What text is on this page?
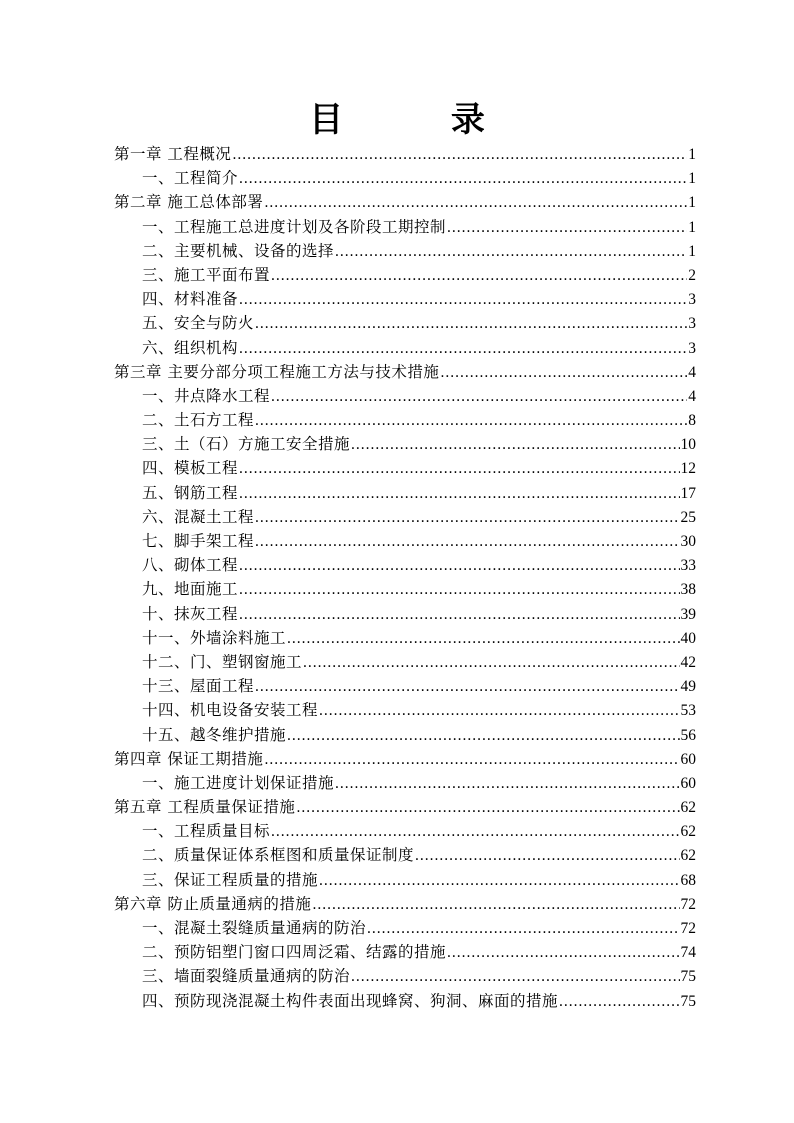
目 录
第一章 工程概况 .....	1
一、工程简介 .....	1
第二章 施工总体部署 .....	1
一、工程施工总进度计划及各阶段工期控制 .....	1
二、主要机械、设备的选择 .....	1
三、施工平面布置 .....	2
四、材料准备 .....	3
五、安全与防火 .....	3
六、组织机构 .....	3
第三章 主要分部分项工程施工方法与技术措施 .....	4
一、井点降水工程 .....	4
二、土石方工程 .....	8
三、土（石）方施工安全措施 .....	10
四、模板工程 .....	12
五、钢筋工程 .....	17
六、混凝土工程 .....	25
七、脚手架工程 .....	30
八、砌体工程 .....	33
九、地面施工 .....	38
十、抹灰工程 .....	39
十一、外墙涂料施工 .....	40
十二、门、塑钢窗施工 .....	42
十三、屋面工程 .....	49
十四、机电设备安装工程 .....	53
十五、越冬维护措施 .....	56
第四章 保证工期措施 .....	60
一、施工进度计划保证措施 .....	60
第五章 工程质量保证措施 .....	62
一、工程质量目标 .....	62
二、质量保证体系框图和质量保证制度 .....	62
三、保证工程质量的措施 .....	68
第六章 防止质量通病的措施 .....	72
一、混凝土裂缝质量通病的防治 .....	72
二、预防铝塑门窗口四周泛霜、结露的措施 .....	74
三、墙面裂缝质量通病的防治 .....	75
四、预防现浇混凝土构件表面出现蜂窝、狗洞、麻面的措施 .....	75
